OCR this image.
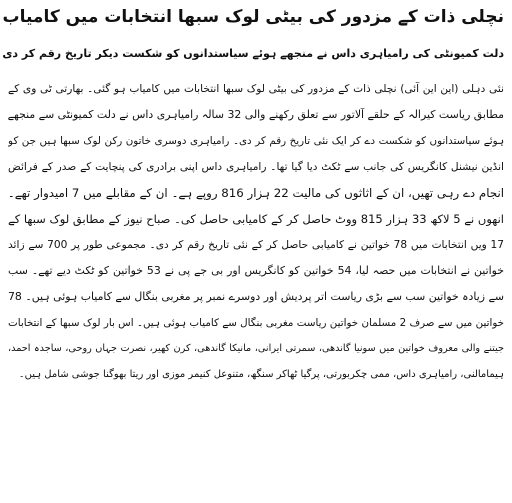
نچلی ذات کے مزدور کی بیٹی لوک سبھا انتخابات میں کامیاب
دلت کمیونٹی کی رامیاہری داس نے منجھے ہوئے سیاستدانوں کو شکست دیکر تاریخ رقم کر دی
نئی دہلی (این این آئی) نچلی ذات کے مزدور کی بیٹی لوک سبھا انتخابات میں کامیاب ہو گئی۔ بھارتی ٹی وی کے
مطابق ریاست کیرالہ کے حلقے آلاتور سے تعلق رکھنے والی 32 سالہ رامیاہری داس نے دلت کمیونٹی سے منجھے
ہوئے سیاستدانوں کو شکست دے کر ایک نئی تاریخ رقم کر دی۔ رامیاہری دوسری خاتون رکن لوک سبھا ہیں جن کو
انڈین نیشنل کانگریس کی جانب سے ٹکٹ دیا گیا تھا۔ رامیاہری داس اپنی برادری کی پنچایت کے صدر کے فرائض
انجام دے رہی تھیں، ان کے اثاثوں کی مالیت 22 ہزار 816 روپے ہے۔ ان کے مقابلے میں 7 امیدوار تھے۔
انھوں نے 5 لاکھ 33 ہزار 815 ووٹ حاصل کر کے کامیابی حاصل کی۔ صباح نیوز کے مطابق لوک سبھا کے
17 ویں انتخابات میں 78 خواتین نے کامیابی حاصل کر کے نئی تاریخ رقم کر دی۔ مجموعی طور پر 700 سے زائد
خواتین نے انتخابات میں حصہ لیا، 54 خواتین کو کانگریس اور بی جے پی نے 53 خواتین کو ٹکٹ دیے تھے۔ سب
سے زیادہ خواتین سب سے بڑی ریاست اتر پردیش اور دوسرے نمبر پر مغربی بنگال سے کامیاب ہوئی ہیں۔ 78
خواتین میں سے صرف 2 مسلمان خواتین ریاست مغربی بنگال سے کامیاب ہوئی ہیں۔ اس بار لوک سبھا کے انتخابات
جیتنے والی معروف خواتین میں سونیا گاندھی، سمرتی ایرانی، مانیکا گاندھی، کرن کھیر، نصرت جہاں روحی، ساجدہ احمد،
ہیمامالنی، رامیاہری داس، ممی چکربورتی، پرگیا ٹھاکر سنگھ، متنوعل کنیمر موزی اور ریتا بھوگنا جوشی شامل ہیں۔
